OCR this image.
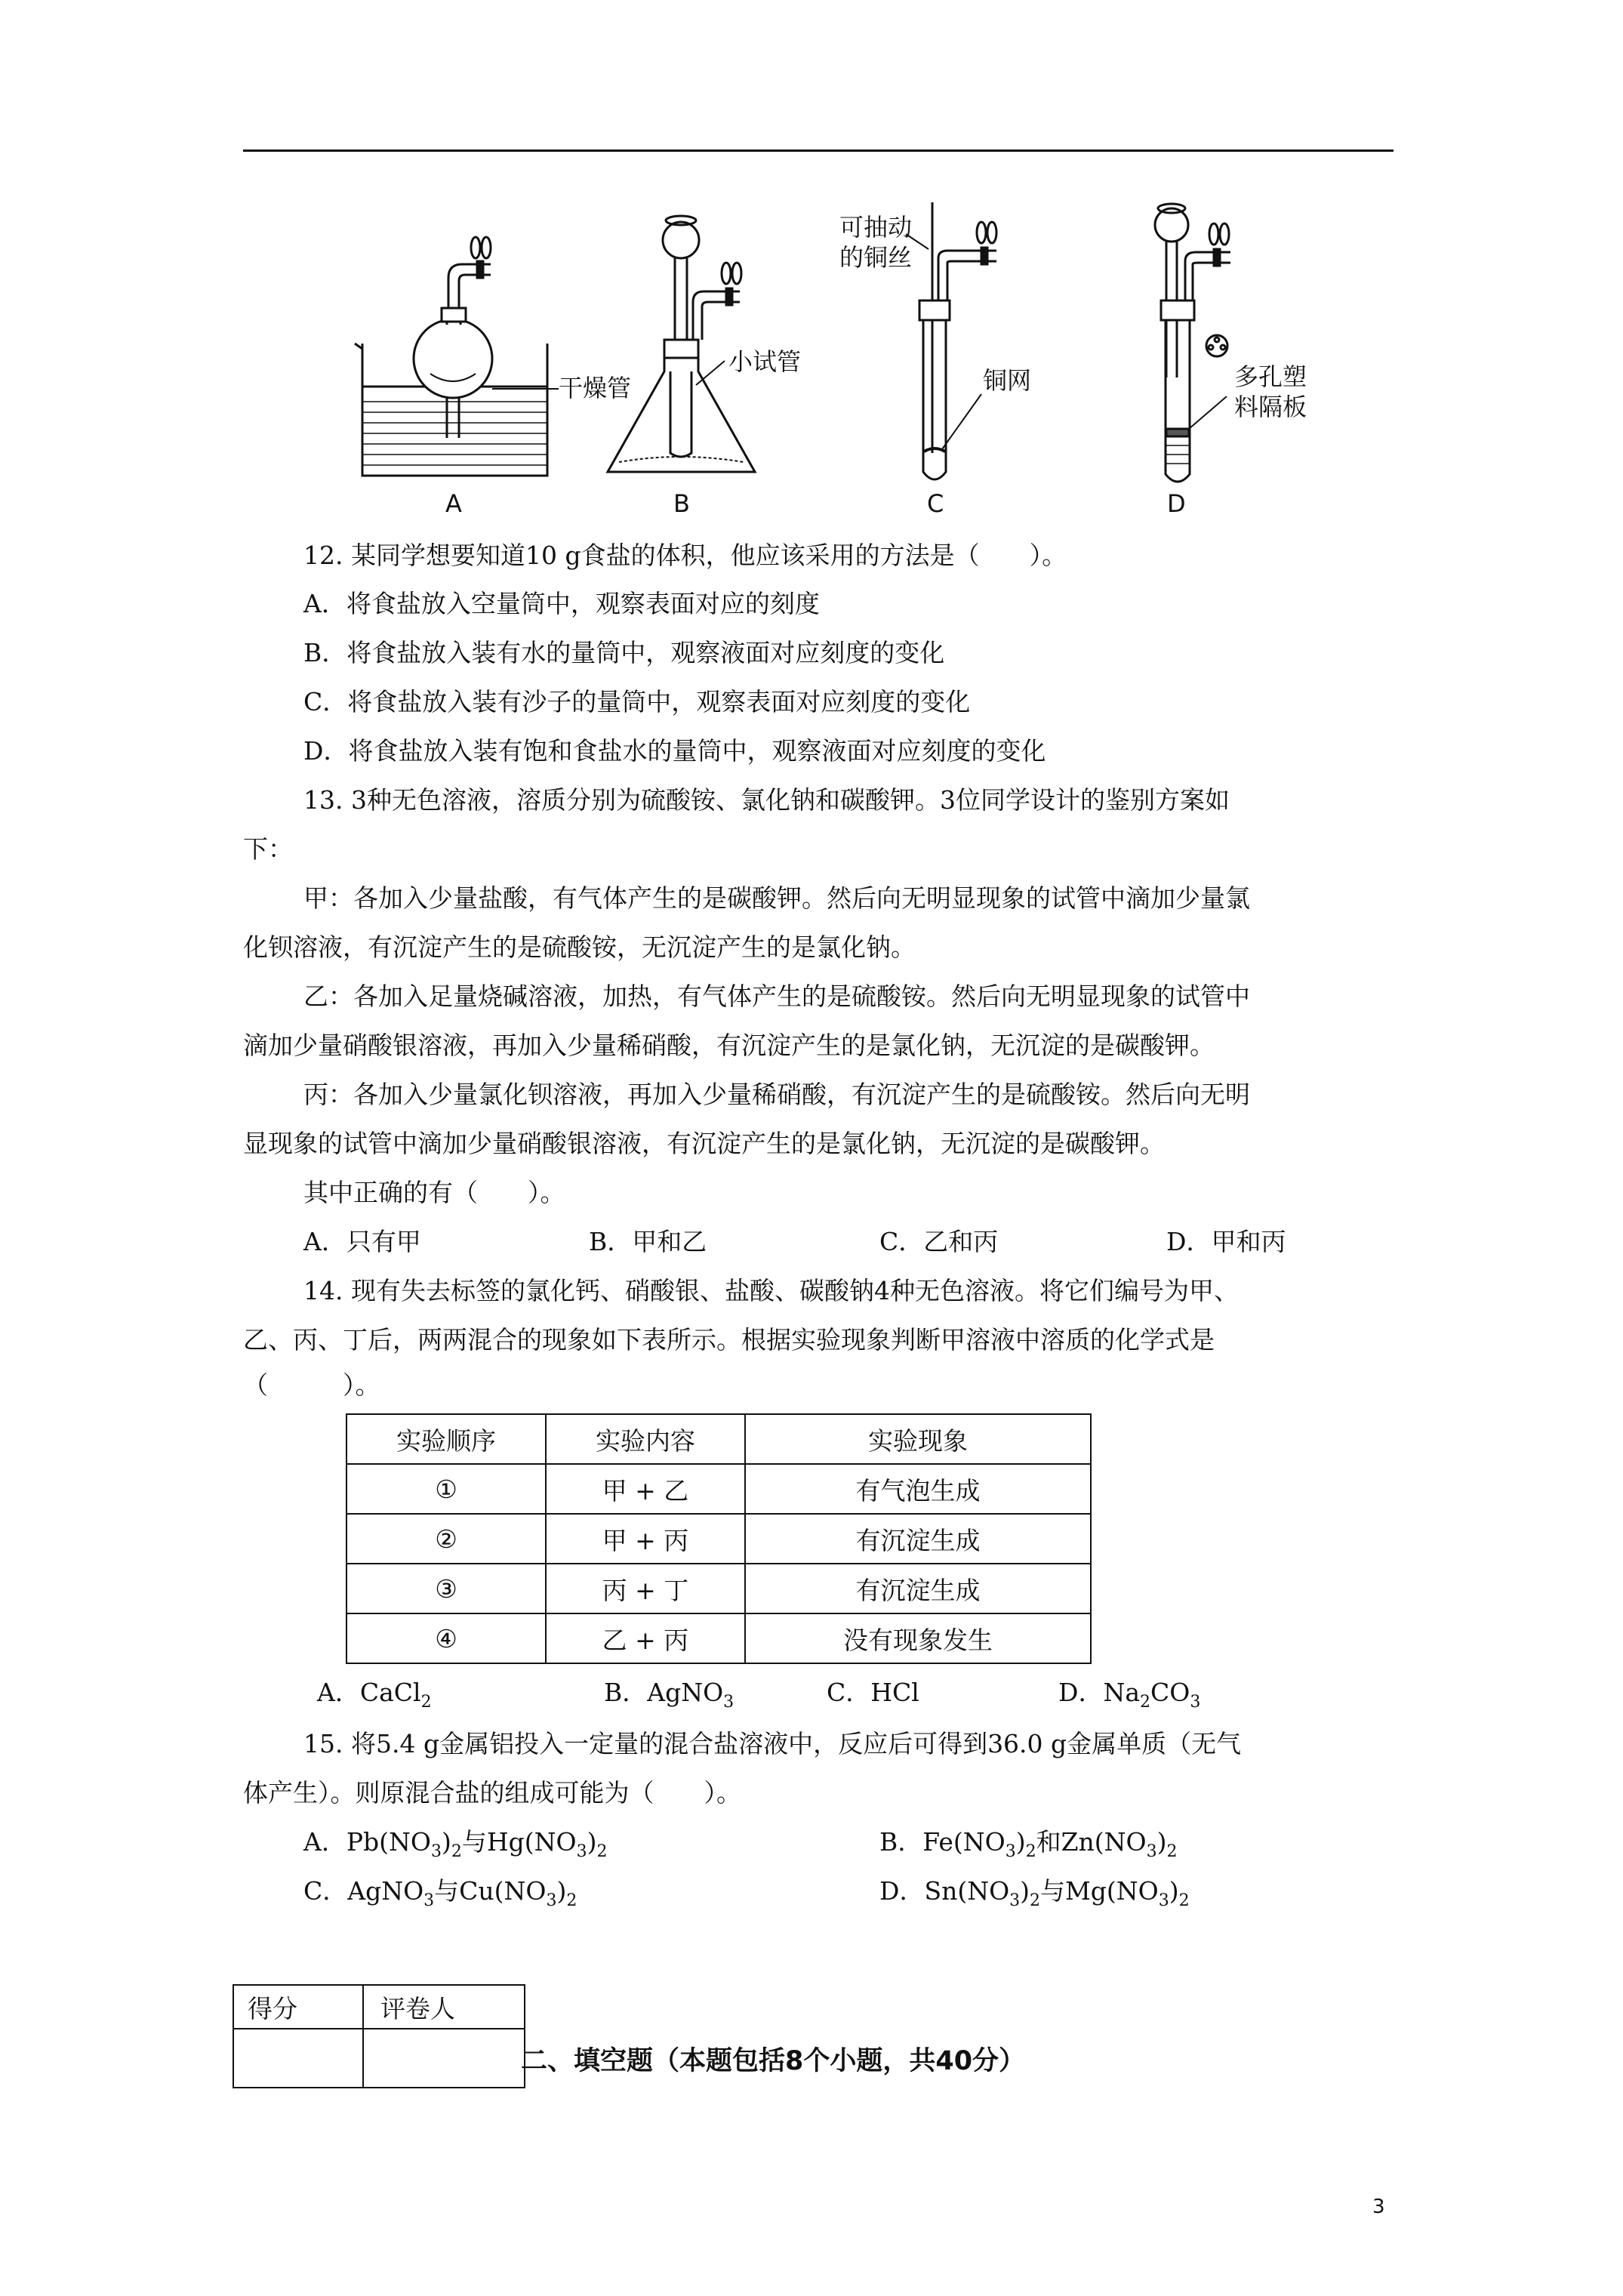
干燥管
小试管
可抽动
的铜丝
铜网	多孔塑
料隔板
A	B	C	D
12. 某同学想要知道10 g食盐的体积，他应该采用的方法是（　　）。
A．将食盐放入空量筒中，观察表面对应的刻度
B．将食盐放入装有水的量筒中，观察液面对应刻度的变化
C．将食盐放入装有沙子的量筒中，观察表面对应刻度的变化
D．将食盐放入装有饱和食盐水的量筒中，观察液面对应刻度的变化
13. 3种无色溶液，溶质分别为硫酸铵、氯化钠和碳酸钾。3位同学设计的鉴别方案如
下：
甲：各加入少量盐酸，有气体产生的是碳酸钾。然后向无明显现象的试管中滴加少量氯
化钡溶液，有沉淀产生的是硫酸铵，无沉淀产生的是氯化钠。
乙：各加入足量烧碱溶液，加热，有气体产生的是硫酸铵。然后向无明显现象的试管中
滴加少量硝酸银溶液，再加入少量稀硝酸，有沉淀产生的是氯化钠，无沉淀的是碳酸钾。
丙：各加入少量氯化钡溶液，再加入少量稀硝酸，有沉淀产生的是硫酸铵。然后向无明
显现象的试管中滴加少量硝酸银溶液，有沉淀产生的是氯化钠，无沉淀的是碳酸钾。
其中正确的有（　　）。
A．只有甲	B．甲和乙	C．乙和丙	D．甲和丙
14. 现有失去标签的氯化钙、硝酸银、盐酸、碳酸钠4种无色溶液。将它们编号为甲、
乙、丙、丁后，两两混合的现象如下表所示。根据实验现象判断甲溶液中溶质的化学式是
（　　　）。
实验顺序	实验内容	实验现象
①	甲 + 乙	有气泡生成
②	甲 + 丙	有沉淀生成
③	丙 + 丁	有沉淀生成
④	乙 + 丙	没有现象发生
A．CaCl$_2$	B．AgNO$_3$	C．HCl	D．$Na_2CO_3$
15. 将5.4 g金属铝投入一定量的混合盐溶液中，反应后可得到36.0 g金属单质（无气
体产生）。则原混合盐的组成可能为（　　）。
A．$Pb(NO_3)_2$与$Hg(NO_3)_2$	B．$Fe(NO_3)_2$和$Zn(NO_3)_2$
C．AgNO$_3$与$Cu(NO_3)_2$	D．$Sn(NO_3)_2$与$Mg(NO_3)_2$
得分	评卷人

二、填空题（本题包括8个小题，共40分）
3
